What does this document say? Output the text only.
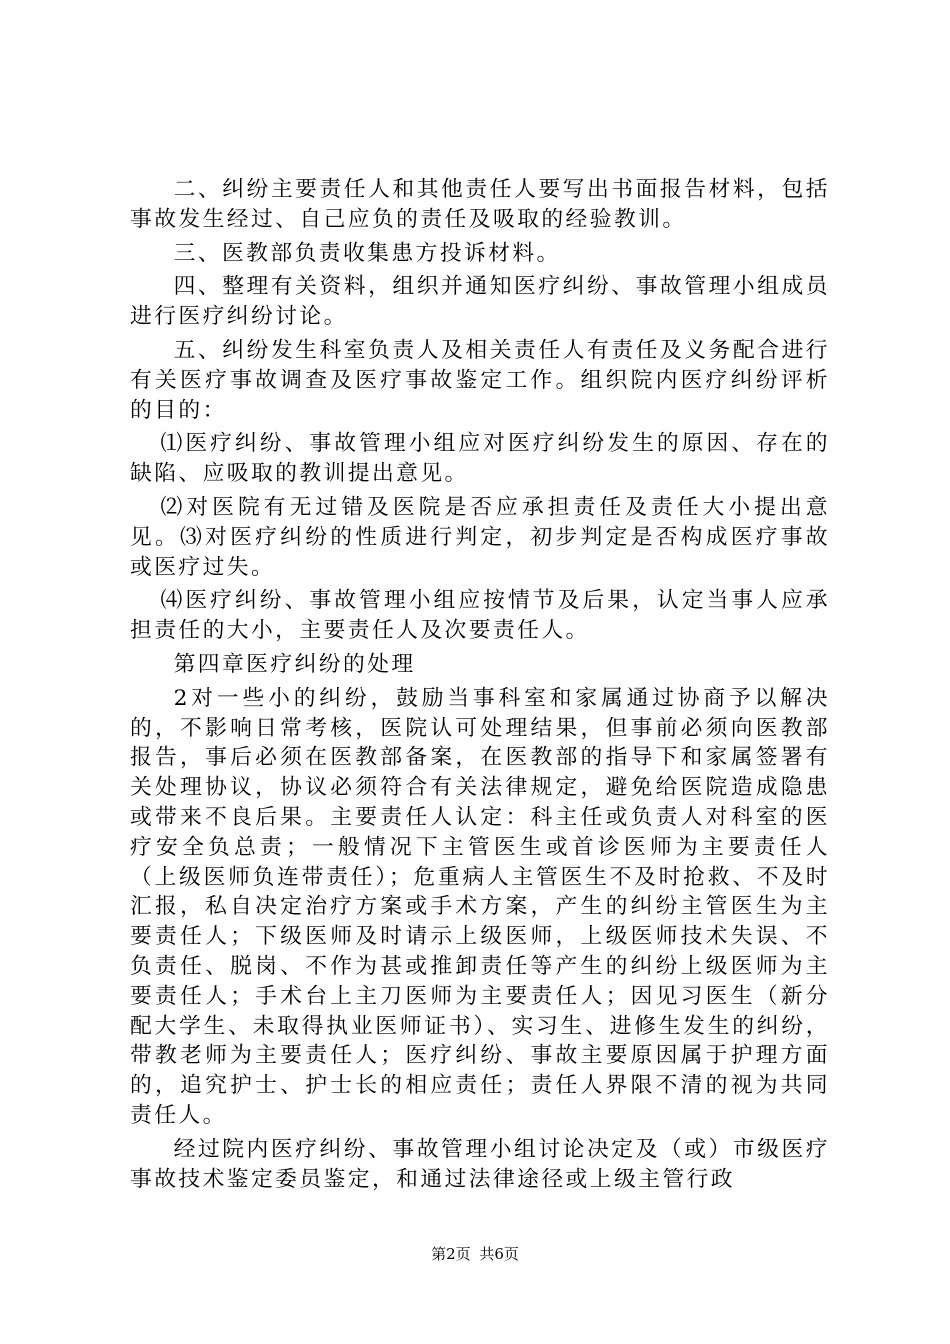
二、纠纷主要责任人和其他责任人要写出书面报告材料，包括事故发生经过、自己应负的责任及吸取的经验教训。

三、医教部负责收集患方投诉材料。

四、整理有关资料，组织并通知医疗纠纷、事故管理小组成员进行医疗纠纷讨论。

五、纠纷发生科室负责人及相关责任人有责任及义务配合进行有关医疗事故调查及医疗事故鉴定工作。组织院内医疗纠纷评析的目的：

⑴医疗纠纷、事故管理小组应对医疗纠纷发生的原因、存在的缺陷、应吸取的教训提出意见。

⑵对医院有无过错及医院是否应承担责任及责任大小提出意见。⑶对医疗纠纷的性质进行判定，初步判定是否构成医疗事故或医疗过失。

⑷医疗纠纷、事故管理小组应按情节及后果，认定当事人应承担责任的大小，主要责任人及次要责任人。

第四章医疗纠纷的处理

2对一些小的纠纷，鼓励当事科室和家属通过协商予以解决的，不影响日常考核，医院认可处理结果，但事前必须向医教部报告，事后必须在医教部备案，在医教部的指导下和家属签署有关处理协议，协议必须符合有关法律规定，避免给医院造成隐患或带来不良后果。主要责任人认定：科主任或负责人对科室的医疗安全负总责；一般情况下主管医生或首诊医师为主要责任人（上级医师负连带责任）；危重病人主管医生不及时抢救、不及时汇报，私自决定治疗方案或手术方案，产生的纠纷主管医生为主要责任人；下级医师及时请示上级医师，上级医师技术失误、不负责任、脱岗、不作为甚或推卸责任等产生的纠纷上级医师为主要责任人；手术台上主刀医师为主要责任人；因见习医生（新分配大学生、未取得执业医师证书）、实习生、进修生发生的纠纷，带教老师为主要责任人；医疗纠纷、事故主要原因属于护理方面的，追究护士、护士长的相应责任；责任人界限不清的视为共同责任人。

经过院内医疗纠纷、事故管理小组讨论决定及（或）市级医疗事故技术鉴定委员鉴定，和通过法律途径或上级主管行政

第2页 共6页
